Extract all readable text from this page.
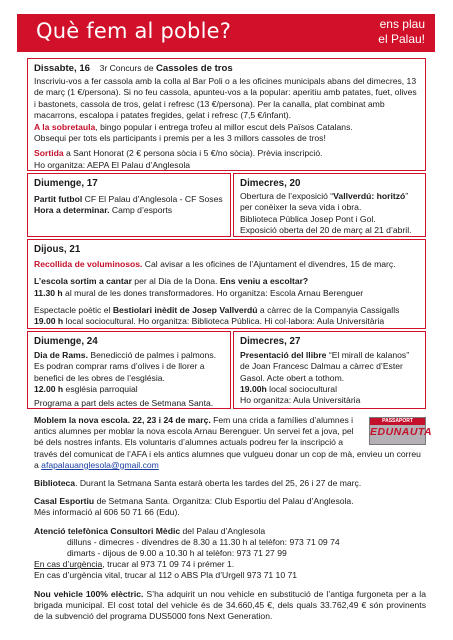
Què fem al poble?	ens plau
el Palau!

Dissabte, 16 3r Concurs de Cassoles de tros

Inscriviu-vos a fer cassola amb la colla al Bar Poli o a les oficines municipals abans del dimecres, 13 de març (1 €/persona). Si no feu cassola, apunteu-vos a la popular: aperitiu amb patates, fuet, olives i bastonets, cassola de tros, gelat i refresc (13 €/persona). Per la canalla, plat combinat amb macarrons, escalopa i patates fregides, gelat i refresc (7,5 €/infant).

A la sobretaula, bingo popular i entrega trofeu al millor escut dels Països Catalans.

Obsequi per tots els participants i premis per a les 3 millors cassoles de tros!

Sortida a Sant Honorat (2 € persona sòcia i 5 €/no sòcia). Prèvia inscripció.

Ho organitza: AEPA El Palau d’Anglesola

Diumenge, 17
Partit futbol CF El Palau d’Anglesola - CF Soses
Hora a determinar. Camp d’esports
Dimecres, 20
Obertura de l’exposició “Vallverdú: horitzó” per conèixer la seva vida i obra.
Biblioteca Pública Josep Pont i Gol.
Exposició oberta del 20 de març al 21 d’abril.
Dijous, 21

Recollida de voluminosos. Cal avisar a les oficines de l’Ajuntament el divendres, 15 de març.

L’escola sortim a cantar per al Dia de la Dona. Ens veniu a escoltar?

11.30 h al mural de les dones transformadores. Ho organitza: Escola Arnau Berenguer

Espectacle poètic el Bestiolari inèdit de Josep Vallverdú a càrrec de la Companyia Cassigalls

19.00 h local sociocultural. Ho organitza: Biblioteca Pública. Hi col·labora: Aula Universitària

Diumenge, 24

Dia de Rams. Benedicció de palmes i palmons. Es podran comprar rams d’olives i de llorer a benefici de les obres de l’església.

12.00 h església parroquial

Programa a part dels actes de Setmana Santa.

Dimecres, 27

Presentació del llibre “El mirall de kalanos” de Joan Francesc Dalmau a càrrec d’Ester Gasol. Acte obert a tothom.

19.00h local sociocultural

Ho organitza: Aula Universitària

PASSAPORT
EDUNAUTA
Moblem la nova escola. 22, 23 i 24 de març. Fem una crida a famílies d’alumnes i antics alumnes per moblar la nova escola Arnau Berenguer. Un servei fet a jova, pel bé dels nostres infants. Els voluntaris d’alumnes actuals podreu fer la inscripció a través del comunicat de l’AFA i els antics alumnes que vulgueu donar un cop de mà, envieu un correu a afapalauanglesola@gmail.com

Biblioteca. Durant la Setmana Santa estarà oberta les tardes del 25, 26 i 27 de març.

Casal Esportiu de Setmana Santa. Organitza: Club Esportiu del Palau d’Anglesola.
Més informació al 606 50 71 66 (Edu).

Atenció telefònica Consultori Mèdic del Palau d’Anglesola
dilluns - dimecres - divendres de 8.30 a 11.30 h al telèfon: 973 71 09 74
dimarts - dijous de 9.00 a 10.30 h al telèfon: 973 71 27 99
En cas d’urgència, trucar al 973 71 09 74 i prémer 1.
En cas d’urgència vital, trucar al 112 o ABS Pla d’Urgell 973 71 10 71

Nou vehicle 100% elèctric. S’ha adquirit un nou vehicle en substitució de l’antiga furgoneta per a la brigada municipal. El cost total del vehicle és de 34.660,45 €, dels quals 33.762,49 € són provinents de la subvenció del programa DUS5000 fons Next Generation.
